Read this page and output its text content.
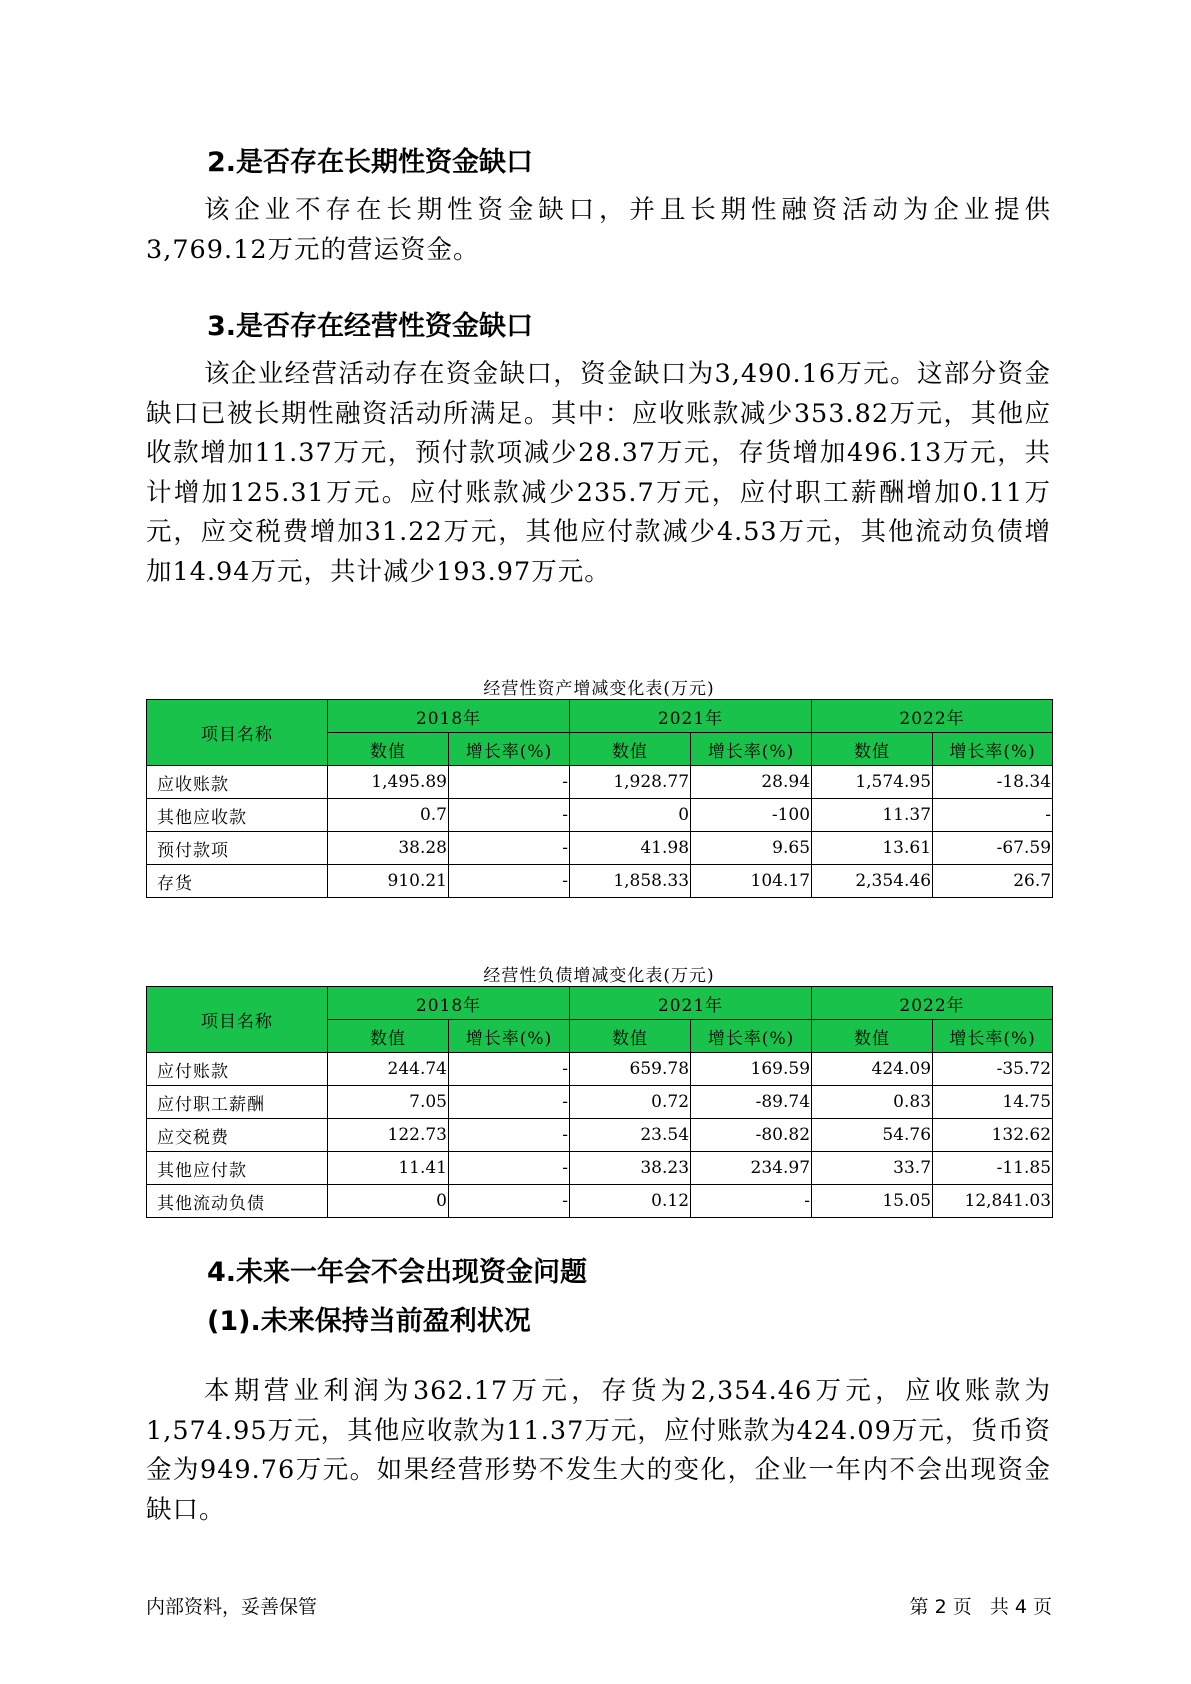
2.是否存在长期性资金缺口

该企业不存在长期性资金缺口，并且长期性融资活动为企业提供3,769.12万元的营运资金。

3.是否存在经营性资金缺口

该企业经营活动存在资金缺口，资金缺口为3,490.16万元。这部分资金缺口已被长期性融资活动所满足。其中：应收账款减少353.82万元，其他应收款增加11.37万元，预付款项减少28.37万元，存货增加496.13万元，共计增加125.31万元。应付账款减少235.7万元，应付职工薪酬增加0.11万元，应交税费增加31.22万元，其他应付款减少4.53万元，其他流动负债增加14.94万元，共计减少193.97万元。

经营性资产增减变化表(万元)

项目名称	2018年		2021年		2022年	
	数值	增长率(%)	数值	增长率(%)	数值	增长率(%)
应收账款	1,495.89	-	1,928.77	28.94	1,574.95	-18.34
其他应收款	0.7	-	0	-100	11.37	-
预付款项	38.28	-	41.98	9.65	13.61	-67.59
存货	910.21	-	1,858.33	104.17	2,354.46	26.7

经营性负债增减变化表(万元)

项目名称	2018年		2021年		2022年	
	数值	增长率(%)	数值	增长率(%)	数值	增长率(%)
应付账款	244.74	-	659.78	169.59	424.09	-35.72
应付职工薪酬	7.05	-	0.72	-89.74	0.83	14.75
应交税费	122.73	-	23.54	-80.82	54.76	132.62
其他应付款	11.41	-	38.23	234.97	33.7	-11.85
其他流动负债	0	-	0.12	-	15.05	12,841.03
4.未来一年会不会出现资金问题
(1).未来保持当前盈利状况

本期营业利润为362.17万元，存货为2,354.46万元，应收账款为1,574.95万元，其他应收款为11.37万元，应付账款为424.09万元，货币资金为949.76万元。如果经营形势不发生大的变化，企业一年内不会出现资金缺口。

内部资料，妥善保管	第 2 页   共 4 页
